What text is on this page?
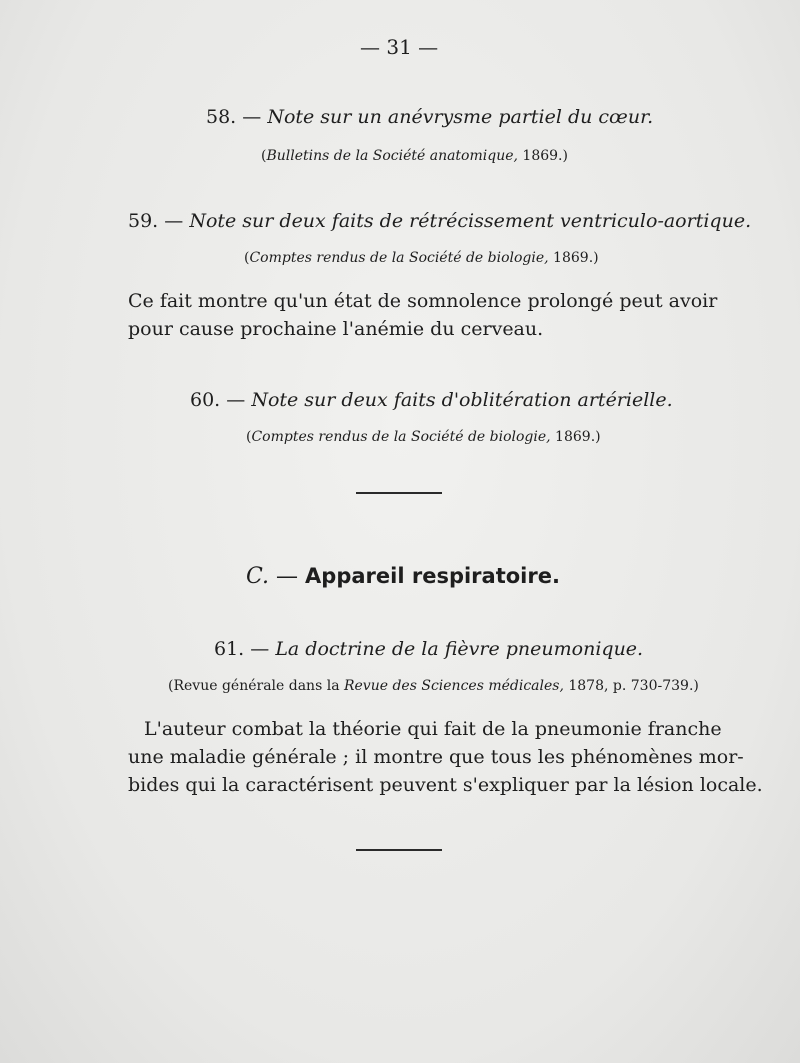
— 31 —
58. — Note sur un anévrysme partiel du cœur.
(Bulletins de la Société anatomique, 1869.)
59. — Note sur deux faits de rétrécissement ventriculo-aortique.
(Comptes rendus de la Société de biologie, 1869.)
Ce fait montre qu'un état de somnolence prolongé peut avoir
pour cause prochaine l'anémie du cerveau.
60. — Note sur deux faits d'oblitération artérielle.
(Comptes rendus de la Société de biologie, 1869.)
C. — Appareil respiratoire.
61. — La doctrine de la fièvre pneumonique.
(Revue générale dans la Revue des Sciences médicales, 1878, p. 730-739.)
L'auteur combat la théorie qui fait de la pneumonie franche
une maladie générale ; il montre que tous les phénomènes mor-
bides qui la caractérisent peuvent s'expliquer par la lésion locale.
